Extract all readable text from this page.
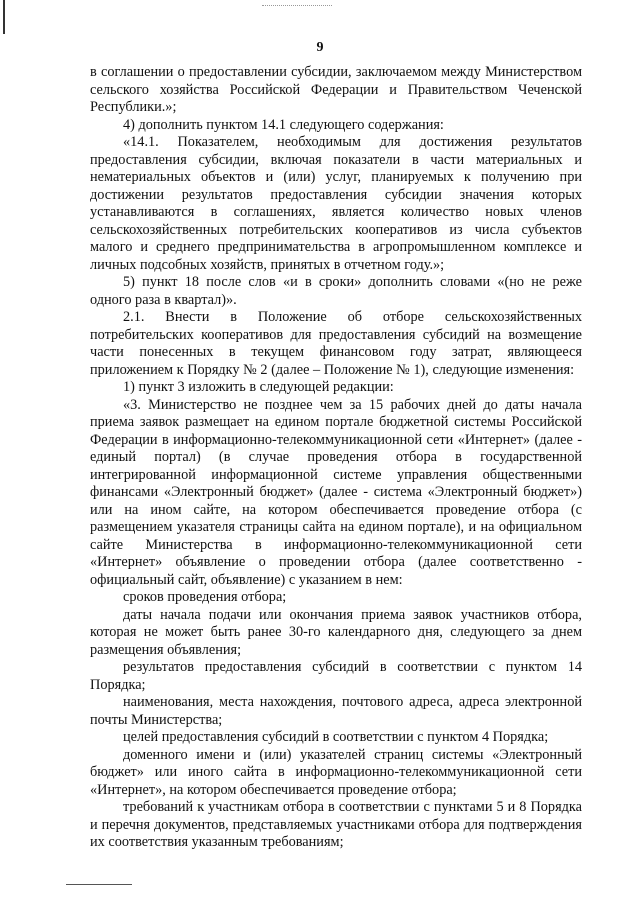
9

в соглашении о предоставлении субсидии, заключаемом между Министерством сельского хозяйства Российской Федерации и Правительством Чеченской Республики.»;

4) дополнить пунктом 14.1 следующего содержания:

«14.1. Показателем, необходимым для достижения результатов предоставления субсидии, включая показатели в части материальных и нематериальных объектов и (или) услуг, планируемых к получению при достижении результатов предоставления субсидии значения которых устанавливаются в соглашениях, является количество новых членов сельскохозяйственных потребительских кооперативов из числа субъектов малого и среднего предпринимательства в агропромышленном комплексе и личных подсобных хозяйств, принятых в отчетном году.»;

5) пункт 18 после слов «и в сроки» дополнить словами «(но не реже одного раза в квартал)».

2.1. Внести в Положение об отборе сельскохозяйственных потребительских кооперативов для предоставления субсидий на возмещение части понесенных в текущем финансовом году затрат, являющееся приложением к Порядку № 2 (далее – Положение № 1), следующие изменения:

1) пункт 3 изложить в следующей редакции:

«3. Министерство не позднее чем за 15 рабочих дней до даты начала приема заявок размещает на едином портале бюджетной системы Российской Федерации в информационно-телекоммуникационной сети «Интернет» (далее - единый портал) (в случае проведения отбора в государственной интегрированной информационной системе управления общественными финансами «Электронный бюджет» (далее - система «Электронный бюджет») или на ином сайте, на котором обеспечивается проведение отбора (с размещением указателя страницы сайта на едином портале), и на официальном сайте Министерства в информационно-телекоммуникационной сети «Интернет» объявление о проведении отбора (далее соответственно - официальный сайт, объявление) с указанием в нем:

сроков проведения отбора;

даты начала подачи или окончания приема заявок участников отбора, которая не может быть ранее 30-го календарного дня, следующего за днем размещения объявления;

результатов предоставления субсидий в соответствии с пунктом 14 Порядка;

наименования, места нахождения, почтового адреса, адреса электронной почты Министерства;

целей предоставления субсидий в соответствии с пунктом 4 Порядка;

доменного имени и (или) указателей страниц системы «Электронный бюджет» или иного сайта в информационно-телекоммуникационной сети «Интернет», на котором обеспечивается проведение отбора;

требований к участникам отбора в соответствии с пунктами 5 и 8 Порядка и перечня документов, представляемых участниками отбора для подтверждения их соответствия указанным требованиям;
